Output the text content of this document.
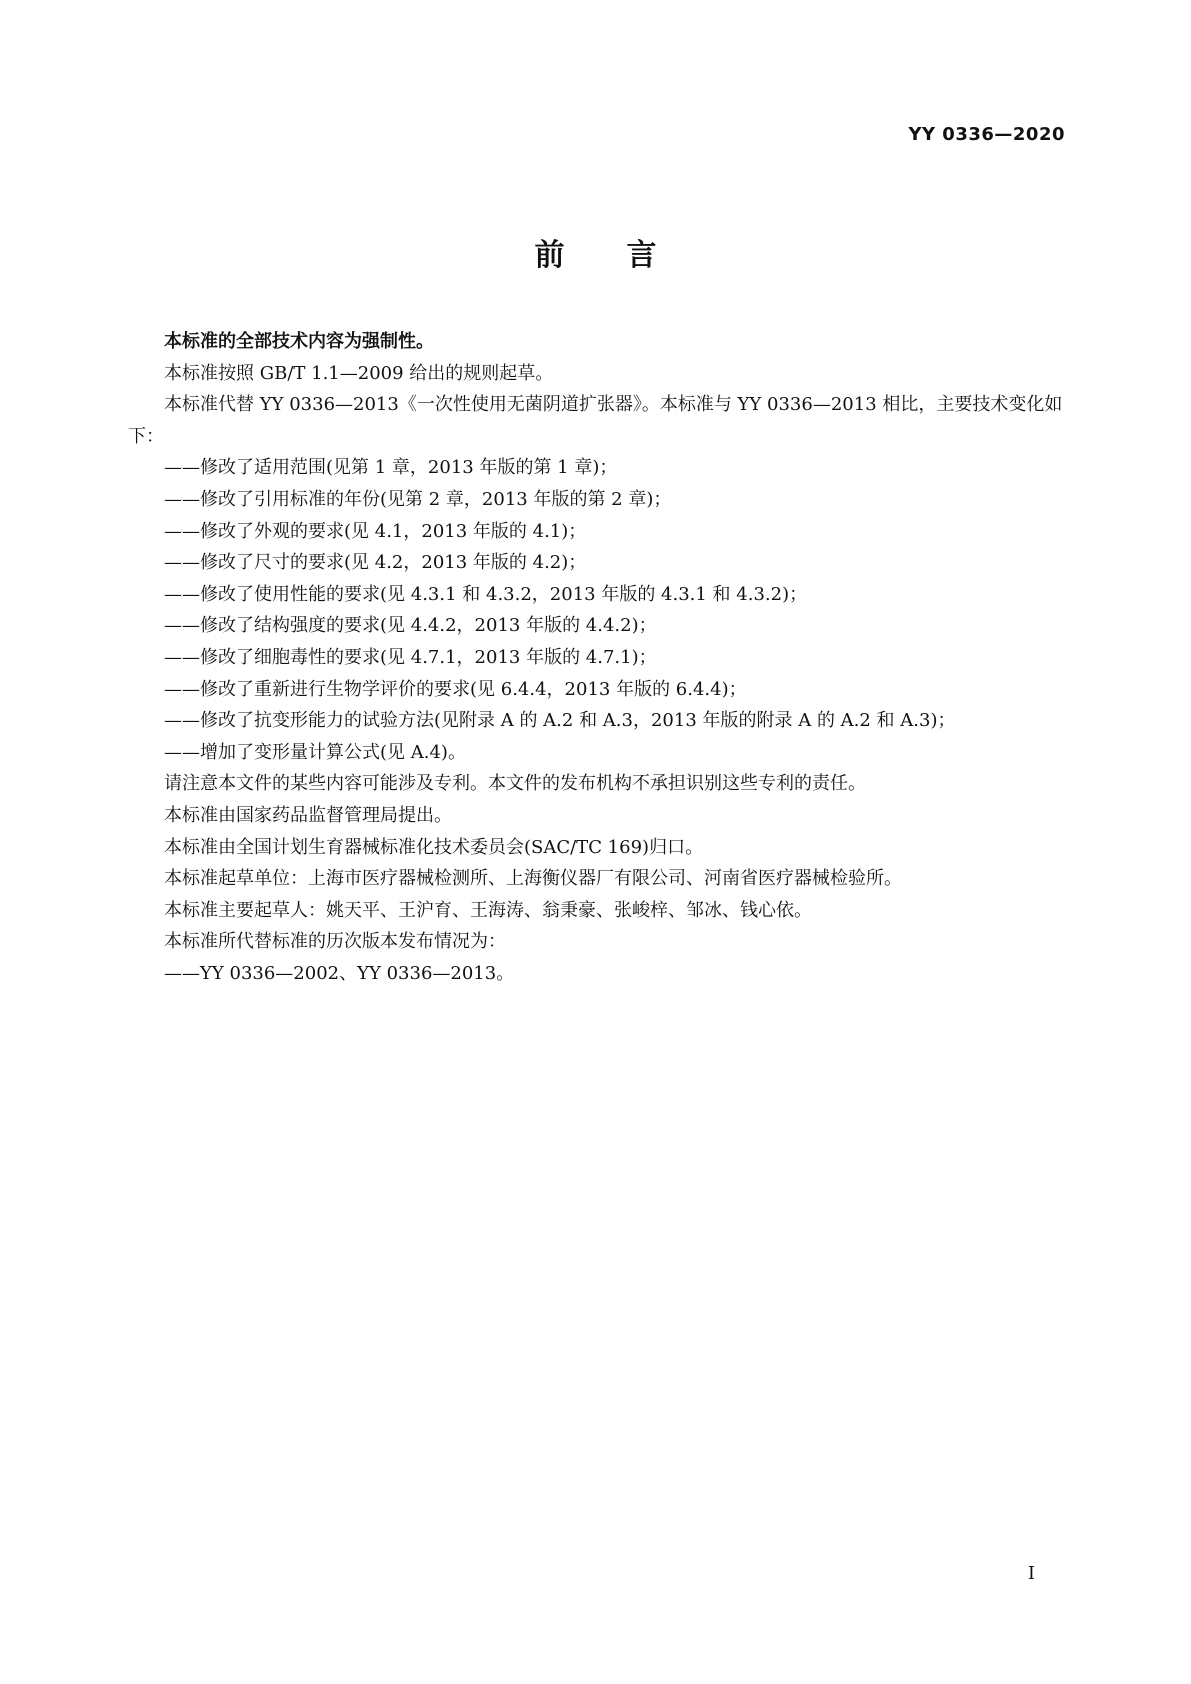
YY 0336—2020
前 言

本标准的全部技术内容为强制性。

本标准按照 GB/T 1.1—2009 给出的规则起草。

本标准代替 YY 0336—2013《一次性使用无菌阴道扩张器》。本标准与 YY 0336—2013 相比，主要技术变化如下：

—— 修改了适用范围(见第 1 章，2013 年版的第 1 章)；
—— 修改了引用标准的年份(见第 2 章，2013 年版的第 2 章)；
—— 修改了外观的要求(见 4.1，2013 年版的 4.1)；
—— 修改了尺寸的要求(见 4.2，2013 年版的 4.2)；
—— 修改了使用性能的要求(见 4.3.1 和 4.3.2，2013 年版的 4.3.1 和 4.3.2)；
—— 修改了结构强度的要求(见 4.4.2，2013 年版的 4.4.2)；
—— 修改了细胞毒性的要求(见 4.7.1，2013 年版的 4.7.1)；
—— 修改了重新进行生物学评价的要求(见 6.4.4，2013 年版的 6.4.4)；
—— 修改了抗变形能力的试验方法(见附录 A 的 A.2 和 A.3，2013 年版的附录 A 的 A.2 和 A.3)；
—— 增加了变形量计算公式(见 A.4)。

请注意本文件的某些内容可能涉及专利。本文件的发布机构不承担识别这些专利的责任。

本标准由国家药品监督管理局提出。

本标准由全国计划生育器械标准化技术委员会(SAC/TC 169)归口。

本标准起草单位：上海市医疗器械检测所、上海衡仪器厂有限公司、河南省医疗器械检验所。

本标准主要起草人：姚天平、王沪育、王海涛、翁秉豪、张峻梓、邹冰、钱心依。

本标准所代替标准的历次版本发布情况为：

—— YY 0336—2002、YY 0336—2013。
I
